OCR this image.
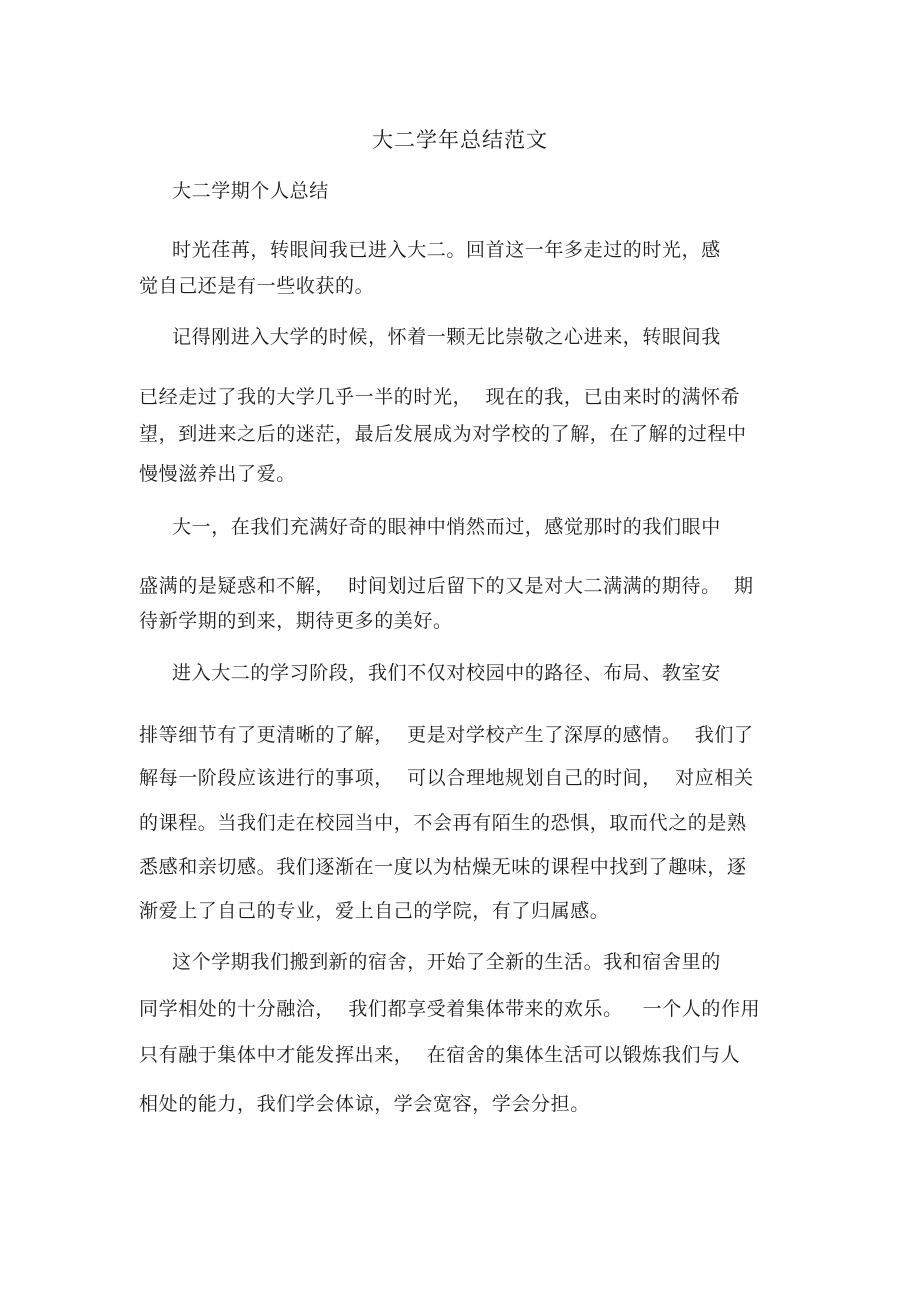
大二学年总结范文
大二学期个人总结
时光荏苒，转眼间我已进入大二。回首这一年多走过的时光，感
觉自己还是有一些收获的。
记得刚进入大学的时候，怀着一颗无比崇敬之心进来，转眼间我
已经走过了我的大学几乎一半的时光，  现在的我，已由来时的满怀希
望，到进来之后的迷茫，最后发展成为对学校的了解，在了解的过程中
慢慢滋养出了爱。
大一，在我们充满好奇的眼神中悄然而过，感觉那时的我们眼中
盛满的是疑惑和不解，  时间划过后留下的又是对大二满满的期待。  期
待新学期的到来，期待更多的美好。
进入大二的学习阶段，我们不仅对校园中的路径、布局、教室安
排等细节有了更清晰的了解，  更是对学校产生了深厚的感情。  我们了
解每一阶段应该进行的事项，  可以合理地规划自己的时间，  对应相关
的课程。当我们走在校园当中，不会再有陌生的恐惧，取而代之的是熟
悉感和亲切感。我们逐渐在一度以为枯燥无味的课程中找到了趣味，逐
渐爱上了自己的专业，爱上自己的学院，有了归属感。
这个学期我们搬到新的宿舍，开始了全新的生活。我和宿舍里的
同学相处的十分融洽，  我们都享受着集体带来的欢乐。   一个人的作用
只有融于集体中才能发挥出来，  在宿舍的集体生活可以锻炼我们与人
相处的能力，我们学会体谅，学会宽容，学会分担。
